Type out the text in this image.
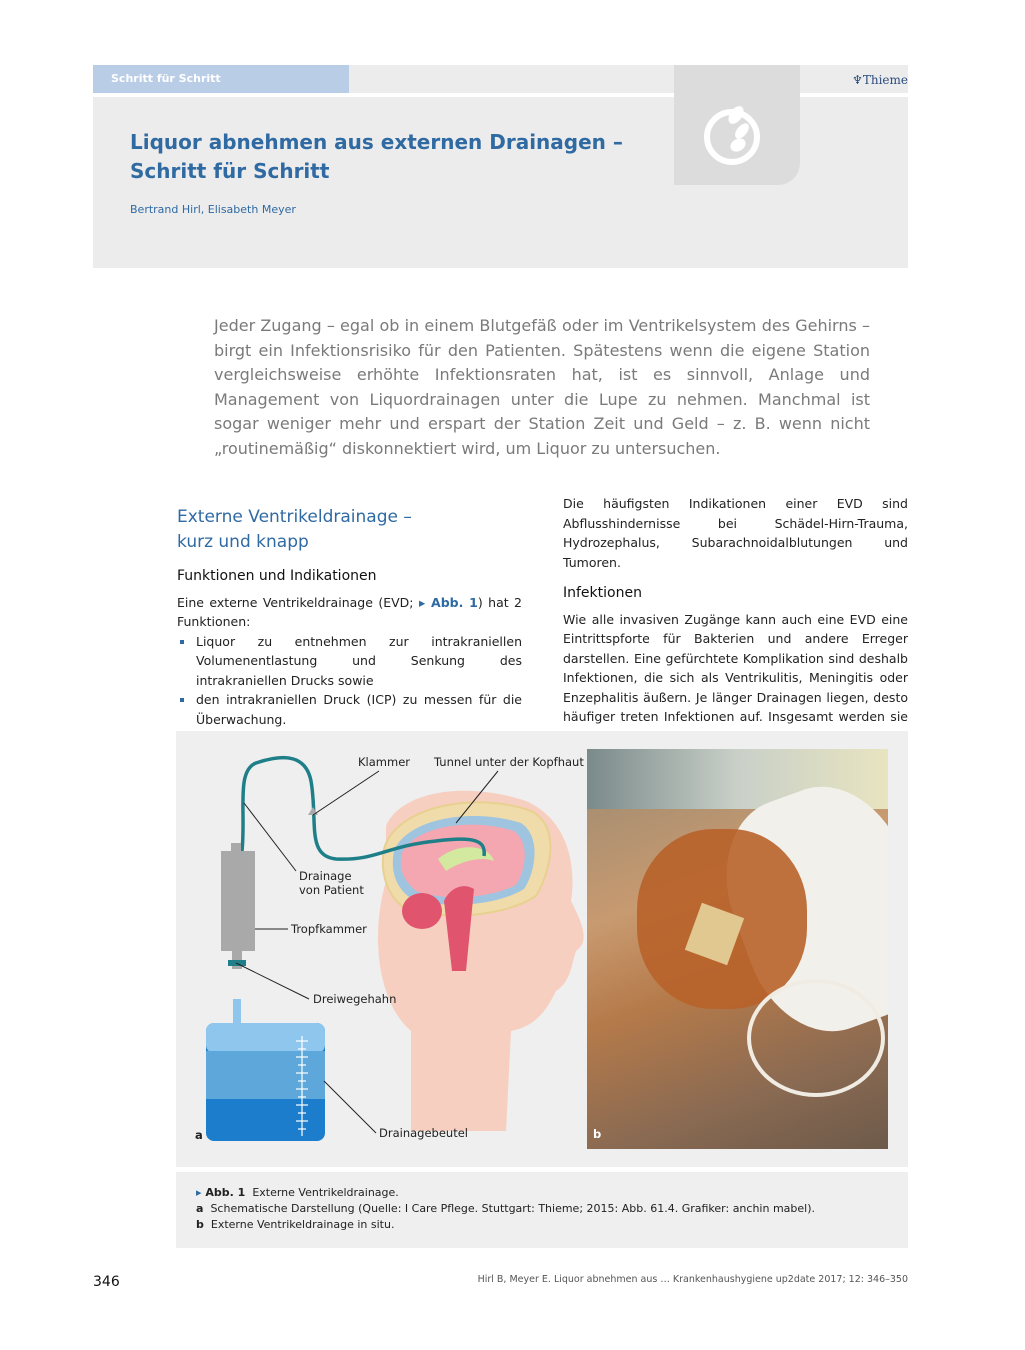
Schritt für Schritt	♆Thieme
Liquor abnehmen aus externen Drainagen –
Schritt für Schritt
Bertrand Hirl, Elisabeth Meyer
Jeder Zugang – egal ob in einem Blutgefäß oder im Ventrikelsystem des Gehirns – birgt ein Infektionsrisiko für den Patienten. Spätestens wenn die eigene Station vergleichsweise erhöhte Infektionsraten hat, ist es sinnvoll, Anlage und Management von Liquordrainagen unter die Lupe zu nehmen. Manchmal ist sogar weniger mehr und erspart der Station Zeit und Geld – z. B. wenn nicht „routinemäßig“ diskonnektiert wird, um Liquor zu untersuchen.
Externe Ventrikeldrainage –
kurz und knapp
Funktionen und Indikationen
Eine externe Ventrikeldrainage (EVD; ▸ Abb. 1) hat 2 Funktionen:
Liquor zu entnehmen zur intrakraniellen Volumenentlastung und Senkung des intrakraniellen Drucks sowie
den intrakraniellen Druck (ICP) zu messen für die Überwachung.
Die häufigsten Indikationen einer EVD sind Abflusshindernisse bei Schädel-Hirn-Trauma, Hydrozephalus, Subarachnoidalblutungen und Tumoren.
Infektionen
Wie alle invasiven Zugänge kann auch eine EVD eine Eintrittspforte für Bakterien und andere Erreger darstellen. Eine gefürchtete Komplikation sind deshalb Infektionen, die sich als Ventrikulitis, Meningitis oder Enzephalitis äußern. Je länger Drainagen liegen, desto häufiger treten Infektionen auf. Insgesamt werden sie
Klammer Tunnel unter der Kopfhaut
Drainage
von Patient
Tropfkammer
Dreiwegehahn
Drainagebeutel
a	b
▸ Abb. 1 Externe Ventrikeldrainage.
a Schematische Darstellung (Quelle: I Care Pflege. Stuttgart: Thieme; 2015: Abb. 61.4. Grafiker: anchin mabel).
b Externe Ventrikeldrainage in situ.
346	Hirl B, Meyer E. Liquor abnehmen aus … Krankenhaushygiene up2date 2017; 12: 346–350
